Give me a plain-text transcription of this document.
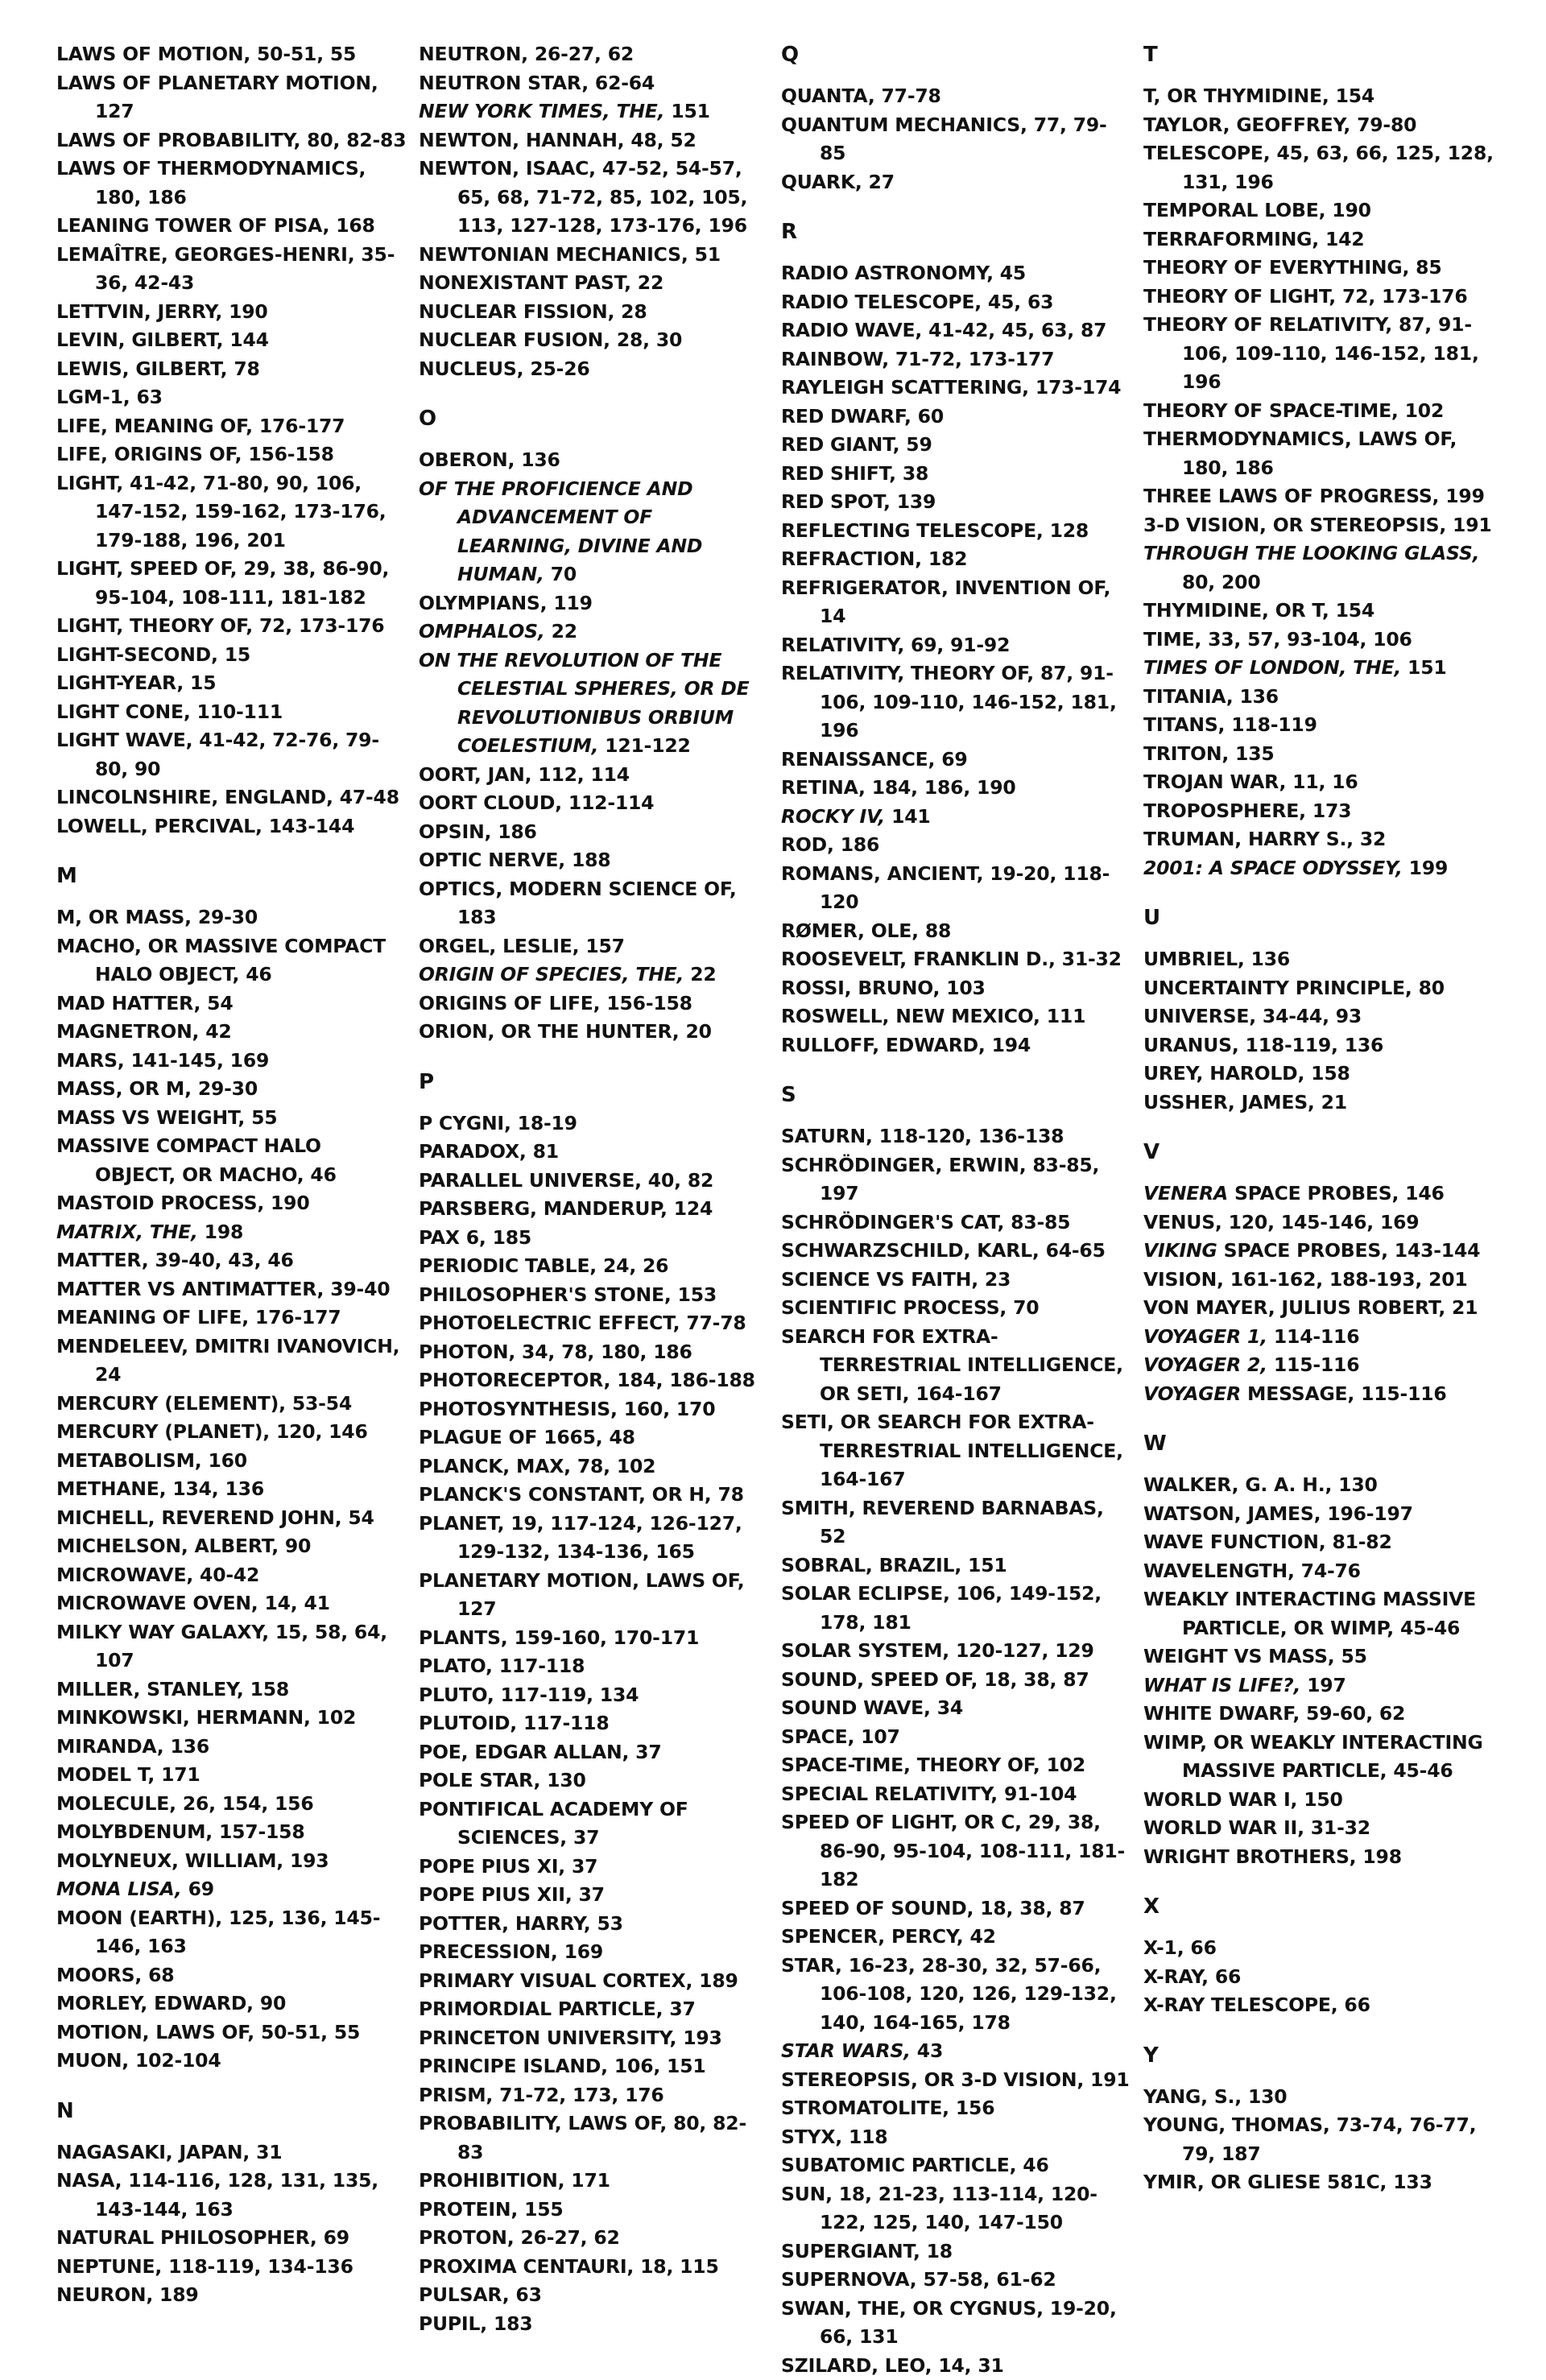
LAWS OF MOTION, 50-51, 55
LAWS OF PLANETARY MOTION, 127
LAWS OF PROBABILITY, 80, 82-83
LAWS OF THERMODYNAMICS, 180, 186
LEANING TOWER OF PISA, 168
LEMAÎTRE, GEORGES-HENRI, 35-36, 42-43
LETTVIN, JERRY, 190
LEVIN, GILBERT, 144
LEWIS, GILBERT, 78
LGM-1, 63
LIFE, MEANING OF, 176-177
LIFE, ORIGINS OF, 156-158
LIGHT, 41-42, 71-80, 90, 106, 147-152, 159-162, 173-176, 179-188, 196, 201
LIGHT, SPEED OF, 29, 38, 86-90, 95-104, 108-111, 181-182
LIGHT, THEORY OF, 72, 173-176
LIGHT-SECOND, 15
LIGHT-YEAR, 15
LIGHT CONE, 110-111
LIGHT WAVE, 41-42, 72-76, 79-80, 90
LINCOLNSHIRE, ENGLAND, 47-48
LOWELL, PERCIVAL, 143-144
M
M, OR MASS, 29-30
MACHO, OR MASSIVE COMPACT HALO OBJECT, 46
MAD HATTER, 54
MAGNETRON, 42
MARS, 141-145, 169
MASS, OR M, 29-30
MASS VS WEIGHT, 55
MASSIVE COMPACT HALO OBJECT, OR MACHO, 46
MASTOID PROCESS, 190
MATRIX, THE, 198
MATTER, 39-40, 43, 46
MATTER VS ANTIMATTER, 39-40
MEANING OF LIFE, 176-177
MENDELEEV, DMITRI IVANOVICH, 24
MERCURY (ELEMENT), 53-54
MERCURY (PLANET), 120, 146
METABOLISM, 160
METHANE, 134, 136
MICHELL, REVEREND JOHN, 54
MICHELSON, ALBERT, 90
MICROWAVE, 40-42
MICROWAVE OVEN, 14, 41
MILKY WAY GALAXY, 15, 58, 64, 107
MILLER, STANLEY, 158
MINKOWSKI, HERMANN, 102
MIRANDA, 136
MODEL T, 171
MOLECULE, 26, 154, 156
MOLYBDENUM, 157-158
MOLYNEUX, WILLIAM, 193
MONA LISA, 69
MOON (EARTH), 125, 136, 145-146, 163
MOORS, 68
MORLEY, EDWARD, 90
MOTION, LAWS OF, 50-51, 55
MUON, 102-104
N
NAGASAKI, JAPAN, 31
NASA, 114-116, 128, 131, 135, 143-144, 163
NATURAL PHILOSOPHER, 69
NEPTUNE, 118-119, 134-136
NEURON, 189
NEUTRON, 26-27, 62
NEUTRON STAR, 62-64
NEW YORK TIMES, THE, 151
NEWTON, HANNAH, 48, 52
NEWTON, ISAAC, 47-52, 54-57, 65, 68, 71-72, 85, 102, 105, 113, 127-128, 173-176, 196
NEWTONIAN MECHANICS, 51
NONEXISTANT PAST, 22
NUCLEAR FISSION, 28
NUCLEAR FUSION, 28, 30
NUCLEUS, 25-26
O
OBERON, 136
OF THE PROFICIENCE AND ADVANCEMENT OF LEARNING, DIVINE AND HUMAN, 70
OLYMPIANS, 119
OMPHALOS, 22
ON THE REVOLUTION OF THE CELESTIAL SPHERES, OR DE REVOLUTIONIBUS ORBIUM COELESTIUM, 121-122
OORT, JAN, 112, 114
OORT CLOUD, 112-114
OPSIN, 186
OPTIC NERVE, 188
OPTICS, MODERN SCIENCE OF, 183
ORGEL, LESLIE, 157
ORIGIN OF SPECIES, THE, 22
ORIGINS OF LIFE, 156-158
ORION, OR THE HUNTER, 20
P
P CYGNI, 18-19
PARADOX, 81
PARALLEL UNIVERSE, 40, 82
PARSBERG, MANDERUP, 124
PAX 6, 185
PERIODIC TABLE, 24, 26
PHILOSOPHER'S STONE, 153
PHOTOELECTRIC EFFECT, 77-78
PHOTON, 34, 78, 180, 186
PHOTORECEPTOR, 184, 186-188
PHOTOSYNTHESIS, 160, 170
PLAGUE OF 1665, 48
PLANCK, MAX, 78, 102
PLANCK'S CONSTANT, OR H, 78
PLANET, 19, 117-124, 126-127, 129-132, 134-136, 165
PLANETARY MOTION, LAWS OF, 127
PLANTS, 159-160, 170-171
PLATO, 117-118
PLUTO, 117-119, 134
PLUTOID, 117-118
POE, EDGAR ALLAN, 37
POLE STAR, 130
PONTIFICAL ACADEMY OF SCIENCES, 37
POPE PIUS XI, 37
POPE PIUS XII, 37
POTTER, HARRY, 53
PRECESSION, 169
PRIMARY VISUAL CORTEX, 189
PRIMORDIAL PARTICLE, 37
PRINCETON UNIVERSITY, 193
PRINCIPE ISLAND, 106, 151
PRISM, 71-72, 173, 176
PROBABILITY, LAWS OF, 80, 82-83
PROHIBITION, 171
PROTEIN, 155
PROTON, 26-27, 62
PROXIMA CENTAURI, 18, 115
PULSAR, 63
PUPIL, 183
Q
QUANTA, 77-78
QUANTUM MECHANICS, 77, 79-85
QUARK, 27
R
RADIO ASTRONOMY, 45
RADIO TELESCOPE, 45, 63
RADIO WAVE, 41-42, 45, 63, 87
RAINBOW, 71-72, 173-177
RAYLEIGH SCATTERING, 173-174
RED DWARF, 60
RED GIANT, 59
RED SHIFT, 38
RED SPOT, 139
REFLECTING TELESCOPE, 128
REFRACTION, 182
REFRIGERATOR, INVENTION OF, 14
RELATIVITY, 69, 91-92
RELATIVITY, THEORY OF, 87, 91-106, 109-110, 146-152, 181, 196
RENAISSANCE, 69
RETINA, 184, 186, 190
ROCKY IV, 141
ROD, 186
ROMANS, ANCIENT, 19-20, 118-120
RØMER, OLE, 88
ROOSEVELT, FRANKLIN D., 31-32
ROSSI, BRUNO, 103
ROSWELL, NEW MEXICO, 111
RULLOFF, EDWARD, 194
S
SATURN, 118-120, 136-138
SCHRÖDINGER, ERWIN, 83-85, 197
SCHRÖDINGER'S CAT, 83-85
SCHWARZSCHILD, KARL, 64-65
SCIENCE VS FAITH, 23
SCIENTIFIC PROCESS, 70
SEARCH FOR EXTRA-TERRESTRIAL INTELLIGENCE, OR SETI, 164-167
SETI, OR SEARCH FOR EXTRA-TERRESTRIAL INTELLIGENCE, 164-167
SMITH, REVEREND BARNABAS, 52
SOBRAL, BRAZIL, 151
SOLAR ECLIPSE, 106, 149-152, 178, 181
SOLAR SYSTEM, 120-127, 129
SOUND, SPEED OF, 18, 38, 87
SOUND WAVE, 34
SPACE, 107
SPACE-TIME, THEORY OF, 102
SPECIAL RELATIVITY, 91-104
SPEED OF LIGHT, OR C, 29, 38, 86-90, 95-104, 108-111, 181-182
SPEED OF SOUND, 18, 38, 87
SPENCER, PERCY, 42
STAR, 16-23, 28-30, 32, 57-66, 106-108, 120, 126, 129-132, 140, 164-165, 178
STAR WARS, 43
STEREOPSIS, OR 3-D VISION, 191
STROMATOLITE, 156
STYX, 118
SUBATOMIC PARTICLE, 46
SUN, 18, 21-23, 113-114, 120-122, 125, 140, 147-150
SUPERGIANT, 18
SUPERNOVA, 57-58, 61-62
SWAN, THE, OR CYGNUS, 19-20, 66, 131
SZILARD, LEO, 14, 31
T
T, OR THYMIDINE, 154
TAYLOR, GEOFFREY, 79-80
TELESCOPE, 45, 63, 66, 125, 128, 131, 196
TEMPORAL LOBE, 190
TERRAFORMING, 142
THEORY OF EVERYTHING, 85
THEORY OF LIGHT, 72, 173-176
THEORY OF RELATIVITY, 87, 91-106, 109-110, 146-152, 181, 196
THEORY OF SPACE-TIME, 102
THERMODYNAMICS, LAWS OF, 180, 186
THREE LAWS OF PROGRESS, 199
3-D VISION, OR STEREOPSIS, 191
THROUGH THE LOOKING GLASS, 80, 200
THYMIDINE, OR T, 154
TIME, 33, 57, 93-104, 106
TIMES OF LONDON, THE, 151
TITANIA, 136
TITANS, 118-119
TRITON, 135
TROJAN WAR, 11, 16
TROPOSPHERE, 173
TRUMAN, HARRY S., 32
2001: A SPACE ODYSSEY, 199
U
UMBRIEL, 136
UNCERTAINTY PRINCIPLE, 80
UNIVERSE, 34-44, 93
URANUS, 118-119, 136
UREY, HAROLD, 158
USSHER, JAMES, 21
V
VENERA SPACE PROBES, 146
VENUS, 120, 145-146, 169
VIKING SPACE PROBES, 143-144
VISION, 161-162, 188-193, 201
VON MAYER, JULIUS ROBERT, 21
VOYAGER 1, 114-116
VOYAGER 2, 115-116
VOYAGER MESSAGE, 115-116
W
WALKER, G. A. H., 130
WATSON, JAMES, 196-197
WAVE FUNCTION, 81-82
WAVELENGTH, 74-76
WEAKLY INTERACTING MASSIVE PARTICLE, OR WIMP, 45-46
WEIGHT VS MASS, 55
WHAT IS LIFE?, 197
WHITE DWARF, 59-60, 62
WIMP, OR WEAKLY INTERACTING MASSIVE PARTICLE, 45-46
WORLD WAR I, 150
WORLD WAR II, 31-32
WRIGHT BROTHERS, 198
X
X-1, 66
X-RAY, 66
X-RAY TELESCOPE, 66
Y
YANG, S., 130
YOUNG, THOMAS, 73-74, 76-77, 79, 187
YMIR, OR GLIESE 581C, 133
